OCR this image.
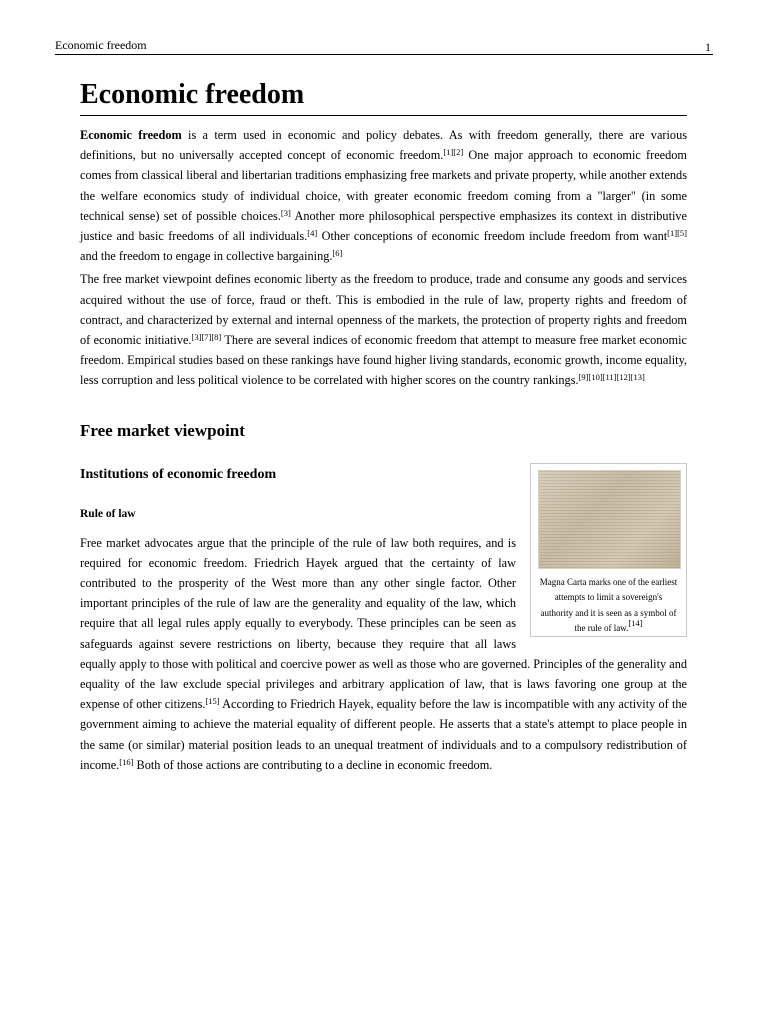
Economic freedom	1
Economic freedom

Economic freedom is a term used in economic and policy debates. As with freedom generally, there are various definitions, but no universally accepted concept of economic freedom.[1][2] One major approach to economic freedom comes from classical liberal and libertarian traditions emphasizing free markets and private property, while another extends the welfare economics study of individual choice, with greater economic freedom coming from a "larger" (in some technical sense) set of possible choices.[3] Another more philosophical perspective emphasizes its context in distributive justice and basic freedoms of all individuals.[4] Other conceptions of economic freedom include freedom from want[1][5] and the freedom to engage in collective bargaining.[6]

The free market viewpoint defines economic liberty as the freedom to produce, trade and consume any goods and services acquired without the use of force, fraud or theft. This is embodied in the rule of law, property rights and freedom of contract, and characterized by external and internal openness of the markets, the protection of property rights and freedom of economic initiative.[3][7][8] There are several indices of economic freedom that attempt to measure free market economic freedom. Empirical studies based on these rankings have found higher living standards, economic growth, income equality, less corruption and less political violence to be correlated with higher scores on the country rankings.[9][10][11][12][13]

Free market viewpoint
Institutions of economic freedom
Rule of law

Magna Carta marks one of the earliest attempts to limit a sovereign's authority and it is seen as a symbol of the rule of law.[14]
Free market advocates argue that the principle of the rule of law both requires, and is required for economic freedom. Friedrich Hayek argued that the certainty of law contributed to the prosperity of the West more than any other single factor. Other important principles of the rule of law are the generality and equality of the law, which require that all legal rules apply equally to everybody. These principles can be seen as safeguards against severe restrictions on liberty, because they require that all laws equally apply to those with political and coercive power as well as those who are governed. Principles of the generality and equality of the law exclude special privileges and arbitrary application of law, that is laws favoring one group at the expense of other citizens.[15] According to Friedrich Hayek, equality before the law is incompatible with any activity of the government aiming to achieve the material equality of different people. He asserts that a state's attempt to place people in the same (or similar) material position leads to an unequal treatment of individuals and to a compulsory redistribution of income.[16] Both of those actions are contributing to a decline in economic freedom.
